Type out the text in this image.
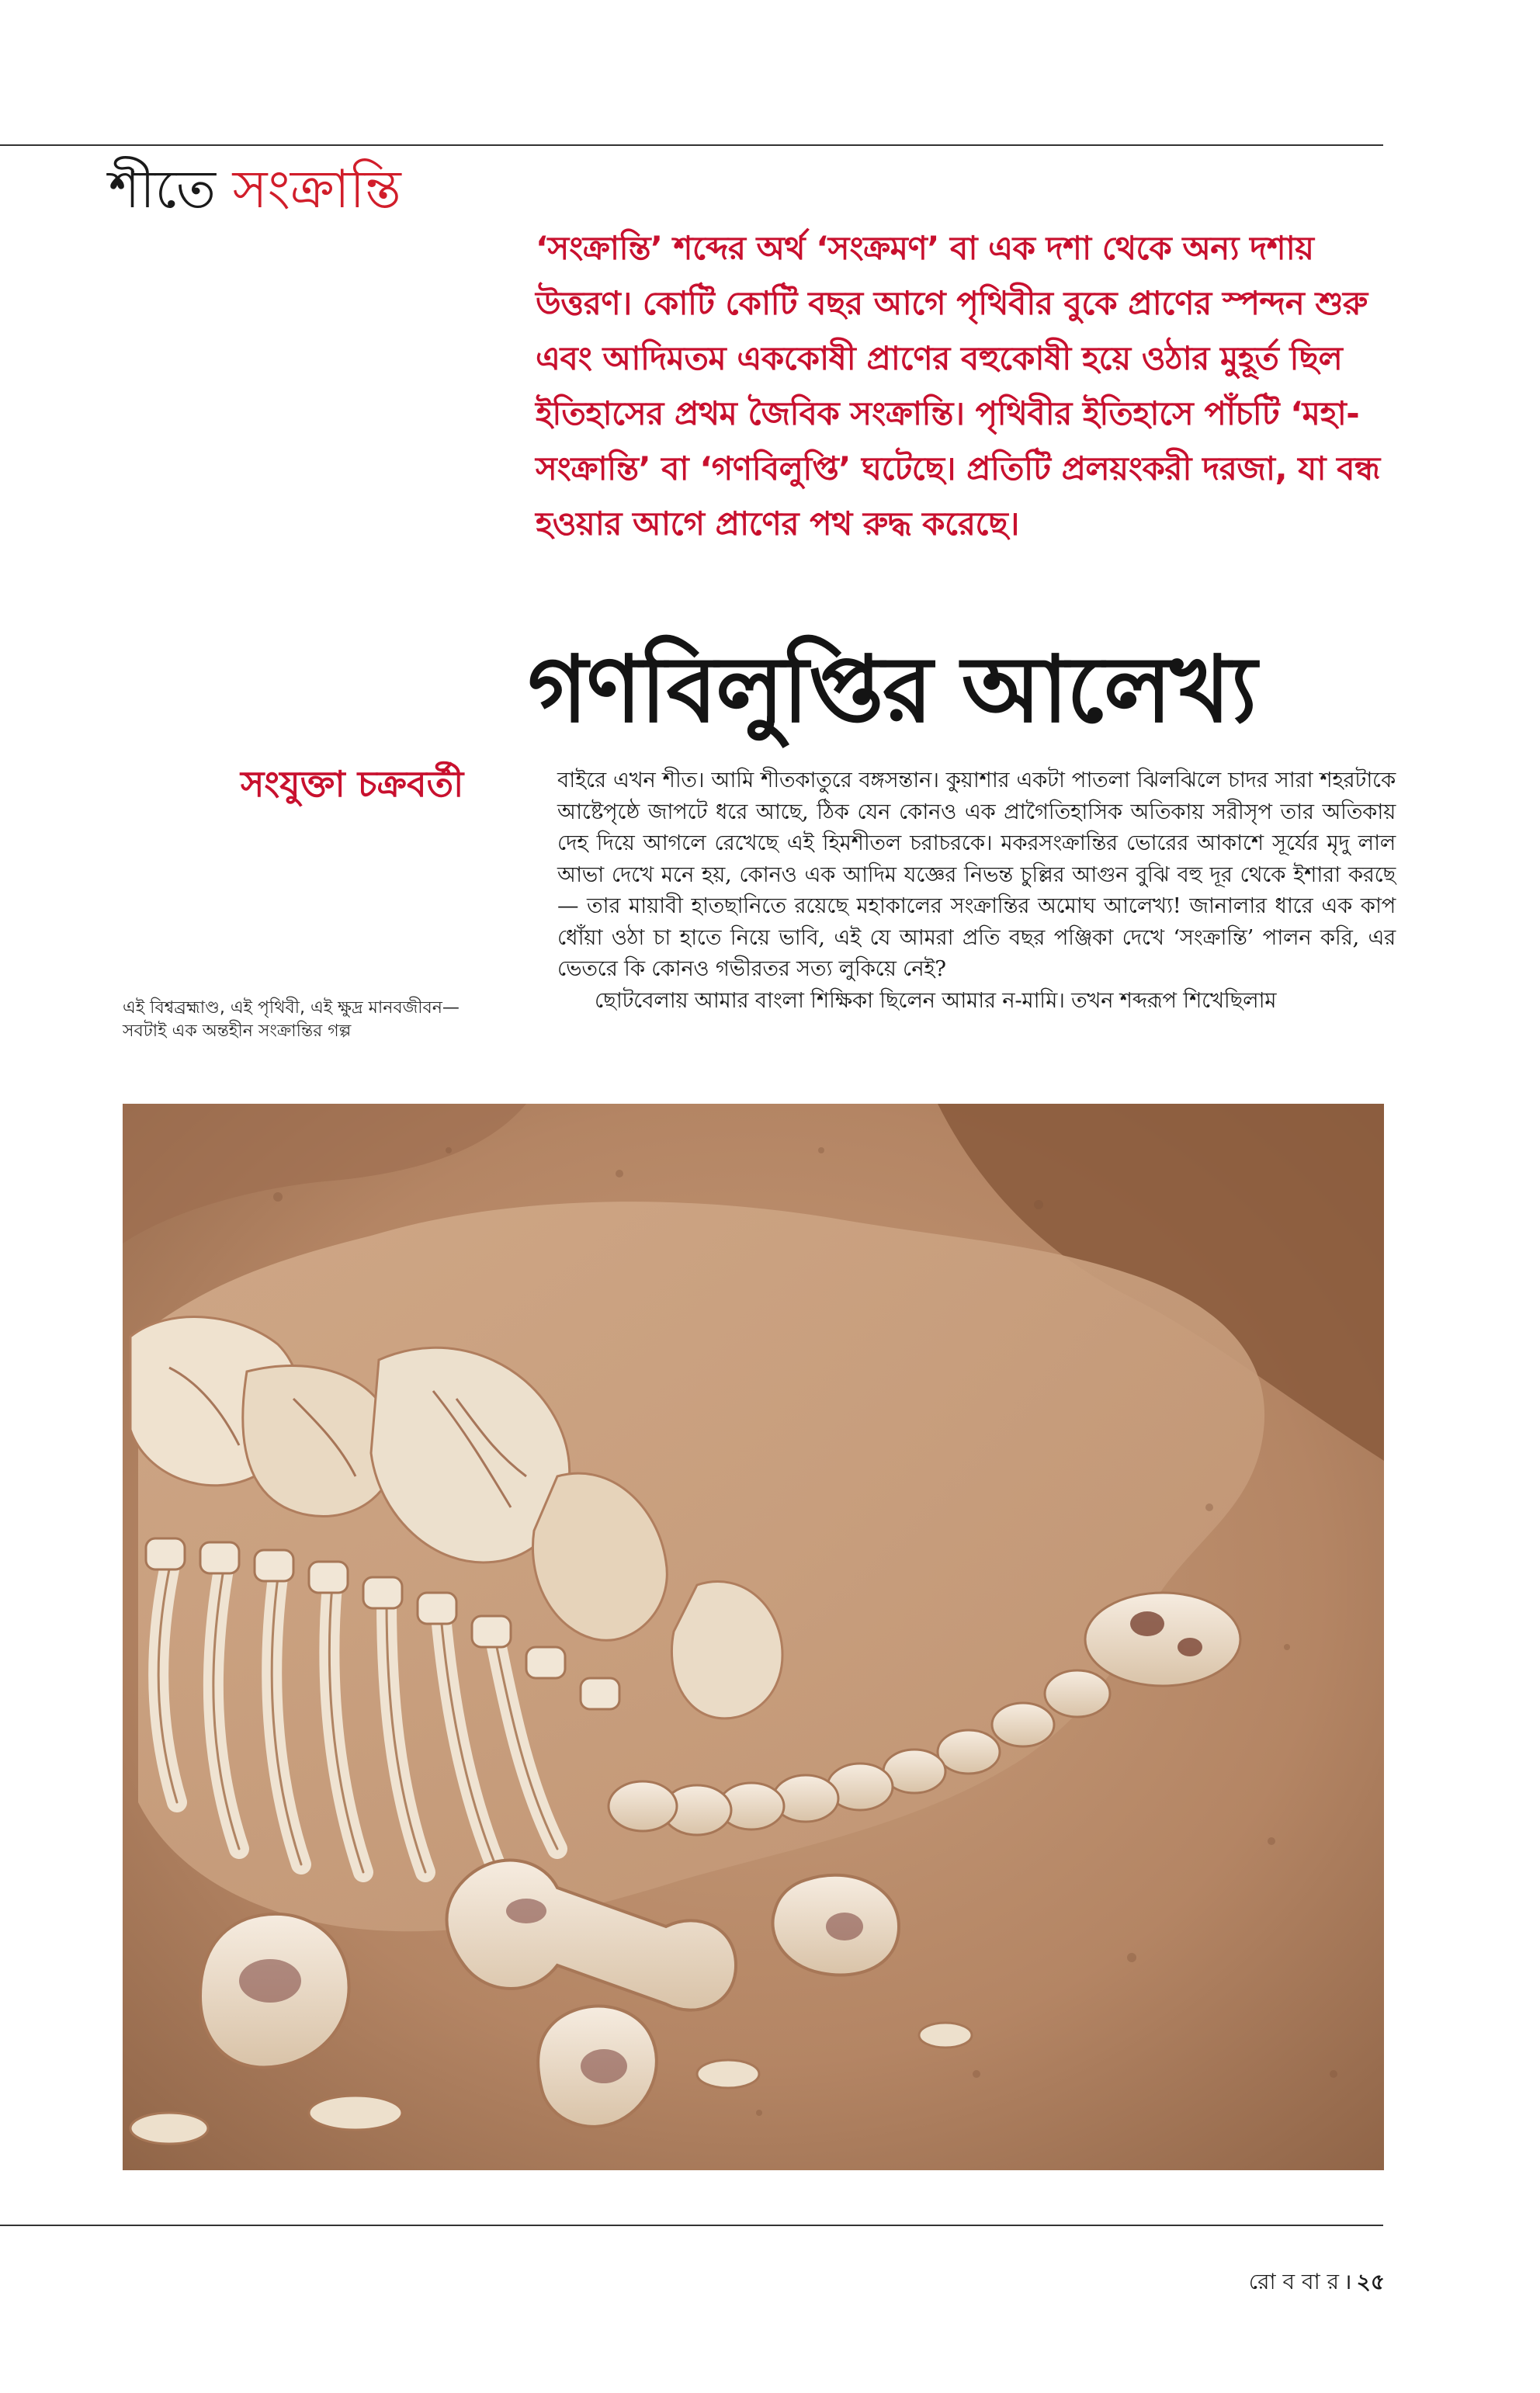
শীতে সংক্রান্তি

‘সংক্রান্তি’ শব্দের অর্থ ‘সংক্রমণ’ বা এক দশা থেকে অন্য দশায় উত্তরণ। কোটি কোটি বছর আগে পৃথিবীর বুকে প্রাণের স্পন্দন শুরু এবং আদিমতম এককোষী প্রাণের বহুকোষী হয়ে ওঠার মুহূর্ত ছিল ইতিহাসের প্রথম জৈবিক সংক্রান্তি। পৃথিবীর ইতিহাসে পাঁচটি ‘মহা-সংক্রান্তি’ বা ‘গণবিলুপ্তি’ ঘটেছে। প্রতিটি প্রলয়ংকরী দরজা, যা বন্ধ হওয়ার আগে প্রাণের পথ রুদ্ধ করেছে।

গণবিলুপ্তির আলেখ্য

সংযুক্তা চক্রবর্তী	বাইরে এখন শীত। আমি শীতকাতুরে বঙ্গসন্তান। কুয়াশার একটা পাতলা ঝিলঝিলে চাদর সারা শহরটাকে আষ্টেপৃষ্ঠে জাপটে ধরে আছে, ঠিক যেন কোনও এক প্রাগৈতিহাসিক অতিকায় সরীসৃপ তার অতিকায় দেহ দিয়ে আগলে রেখেছে এই হিমশীতল চরাচরকে। মকরসংক্রান্তির ভোরের আকাশে সূর্যের মৃদু লাল আভা দেখে মনে হয়, কোনও এক আদিম যজ্ঞের নিভন্ত চুল্লির আগুন বুঝি বহু দূর থেকে ইশারা করছে— তার মায়াবী হাতছানিতে রয়েছে মহাকালের সংক্রান্তির অমোঘ আলেখ্য! জানালার ধারে এক কাপ ধোঁয়া ওঠা চা হাতে নিয়ে ভাবি, এই যে আমরা প্রতি বছর পঞ্জিকা দেখে ‘সংক্রান্তি’ পালন করি, এর ভেতরে কি কোনও গভীরতর সত্য লুকিয়ে নেই?

ছোটবেলায় আমার বাংলা শিক্ষিকা ছিলেন আমার ন-মামি। তখন শব্দরূপ শিখেছিলাম

এই বিশ্বব্রহ্মাণ্ড, এই পৃথিবী, এই ক্ষুদ্র মানবজীবন— সবটাই এক অন্তহীন সংক্রান্তির গল্প

রো ব বা র । ২৫
